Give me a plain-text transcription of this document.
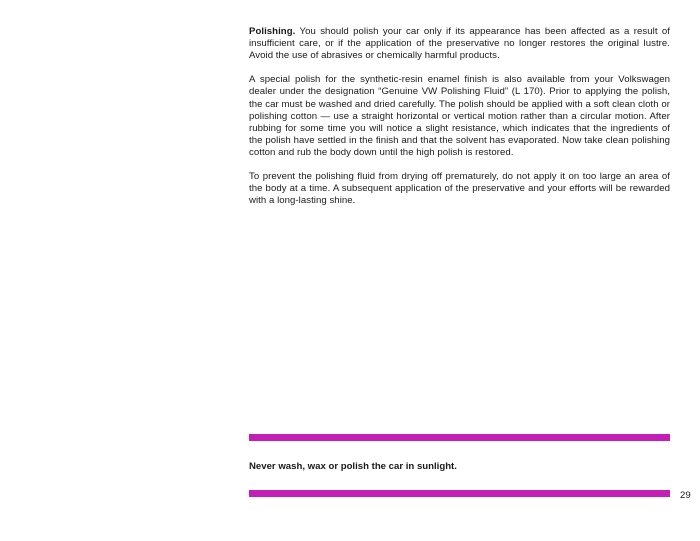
Polishing. You should polish your car only if its appearance has been affected as a result of insufficient care, or if the application of the preservative no longer restores the original lustre. Avoid the use of abrasives or chemically harmful products.

A special polish for the synthetic-resin enamel finish is also available from your Volkswagen dealer under the designation “Genuine VW Polishing Fluid” (L 170). Prior to applying the polish, the car must be washed and dried carefully. The polish should be applied with a soft clean cloth or polishing cotton — use a straight horizontal or vertical motion rather than a circular motion. After rubbing for some time you will notice a slight resistance, which indicates that the ingredients of the polish have settled in the finish and that the solvent has evaporated. Now take clean polishing cotton and rub the body down until the high polish is restored.

To prevent the polishing fluid from drying off prematurely, do not apply it on too large an area of the body at a time. A subsequent application of the preservative and your efforts will be rewarded with a long-lasting shine.

Never wash, wax or polish the car in sunlight.
29
